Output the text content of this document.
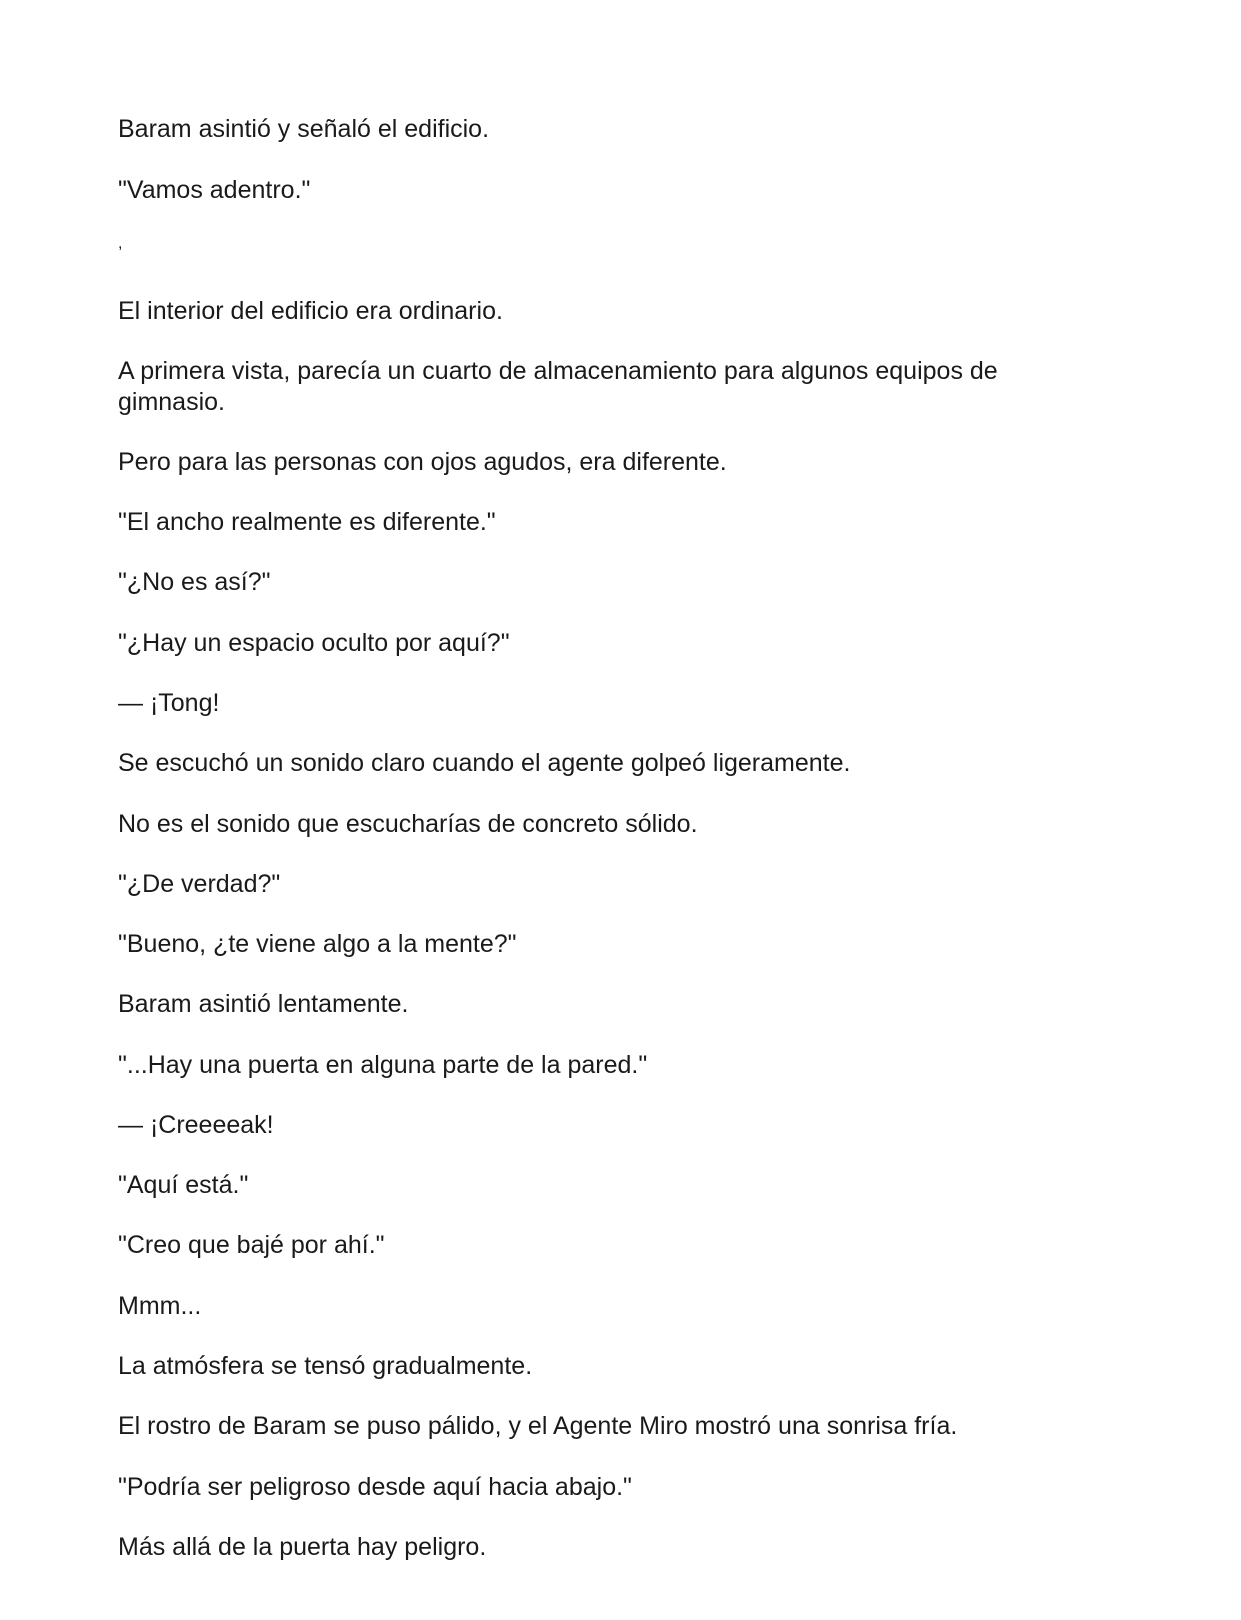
Baram asintió y señaló el edificio.

"Vamos adentro."

,

El interior del edificio era ordinario.

A primera vista, parecía un cuarto de almacenamiento para algunos equipos de gimnasio.

Pero para las personas con ojos agudos, era diferente.

"El ancho realmente es diferente."

"¿No es así?"

"¿Hay un espacio oculto por aquí?"

— ¡Tong!

Se escuchó un sonido claro cuando el agente golpeó ligeramente.

No es el sonido que escucharías de concreto sólido.

"¿De verdad?"

"Bueno, ¿te viene algo a la mente?"

Baram asintió lentamente.

"...Hay una puerta en alguna parte de la pared."

— ¡Creeeeak!

"Aquí está."

"Creo que bajé por ahí."

Mmm...

La atmósfera se tensó gradualmente.

El rostro de Baram se puso pálido, y el Agente Miro mostró una sonrisa fría.

"Podría ser peligroso desde aquí hacia abajo."

Más allá de la puerta hay peligro.
